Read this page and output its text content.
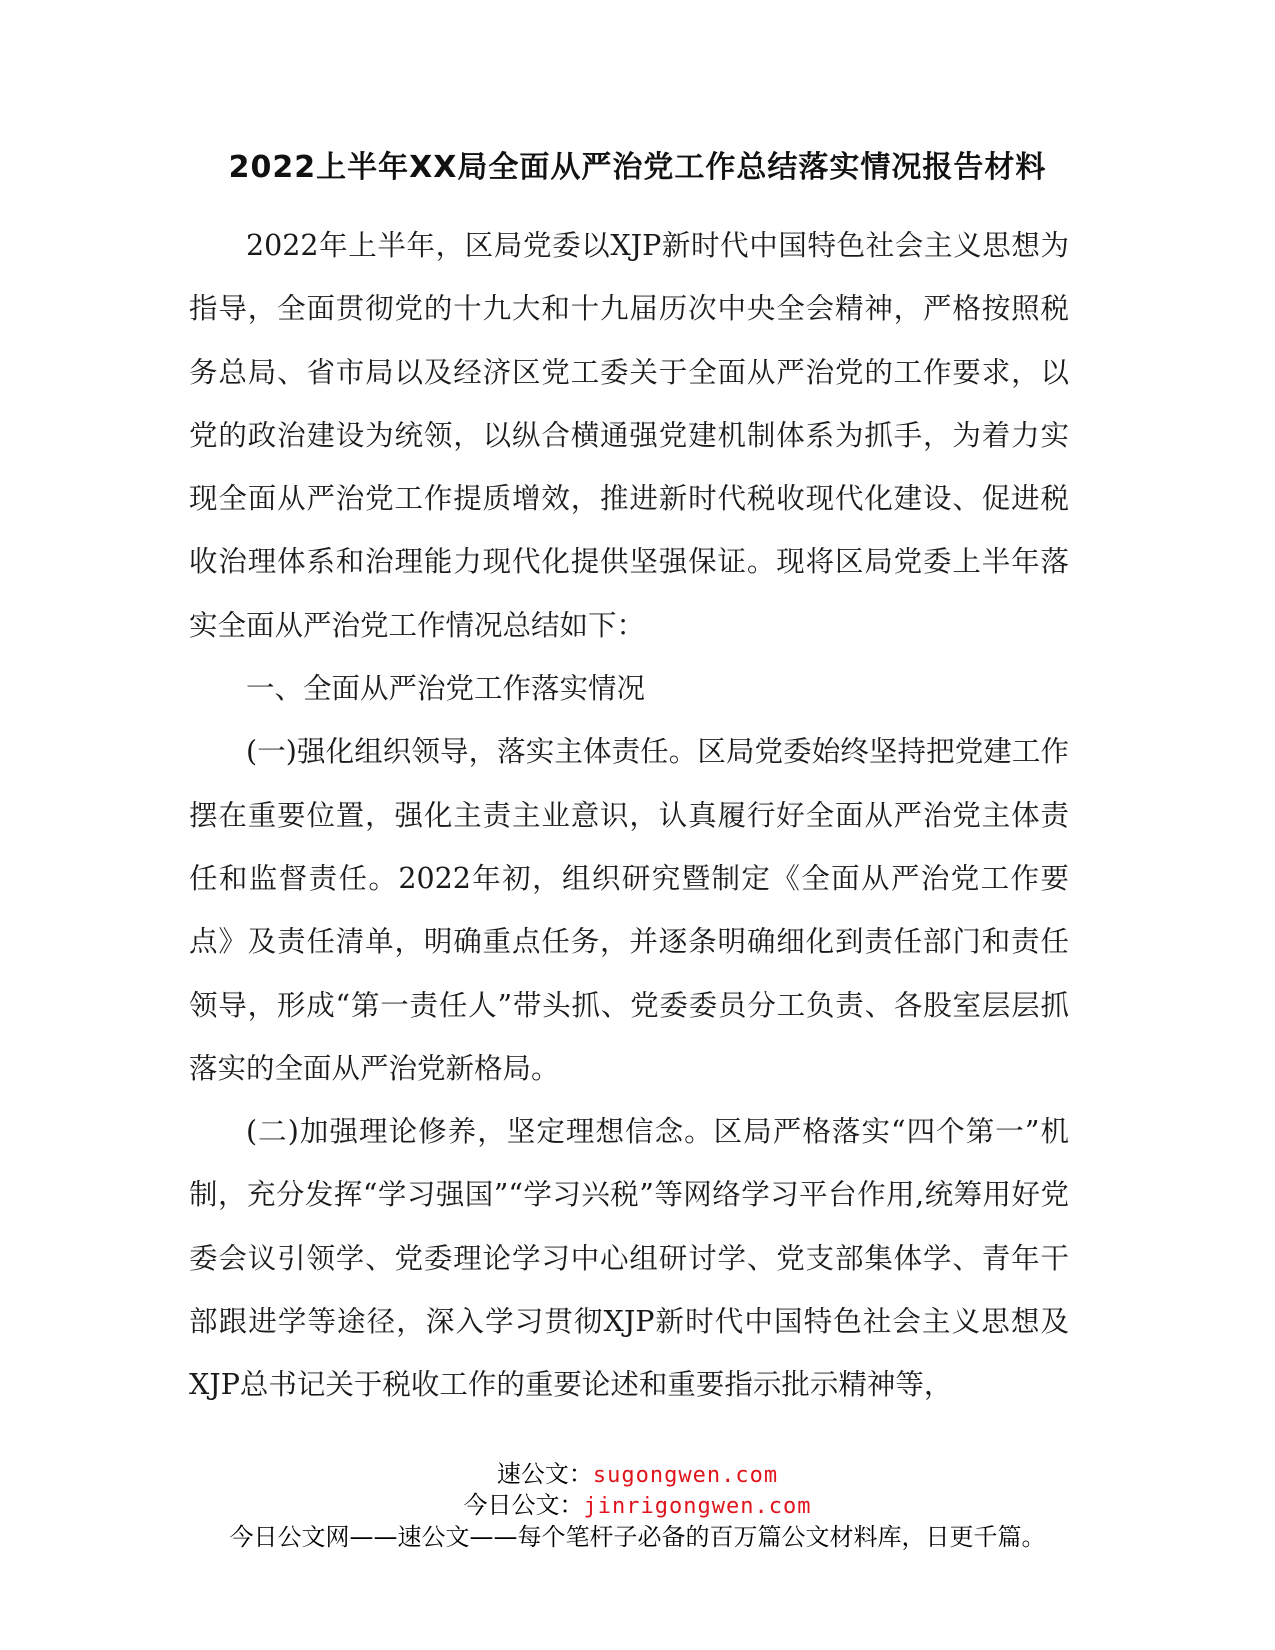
2022上半年XX局全面从严治党工作总结落实情况报告材料

2022年上半年，区局党委以XJP新时代中国特色社会主义思想为指导，全面贯彻党的十九大和十九届历次中央全会精神，严格按照税务总局、省市局以及经济区党工委关于全面从严治党的工作要求，以党的政治建设为统领，以纵合横通强党建机制体系为抓手，为着力实现全面从严治党工作提质增效，推进新时代税收现代化建设、促进税收治理体系和治理能力现代化提供坚强保证。现将区局党委上半年落实全面从严治党工作情况总结如下：

一、全面从严治党工作落实情况

(一)强化组织领导，落实主体责任。区局党委始终坚持把党建工作摆在重要位置，强化主责主业意识，认真履行好全面从严治党主体责任和监督责任。2022年初，组织研究暨制定《全面从严治党工作要点》及责任清单，明确重点任务，并逐条明确细化到责任部门和责任领导，形成“第一责任人”带头抓、党委委员分工负责、各股室层层抓落实的全面从严治党新格局。

(二)加强理论修养，坚定理想信念。区局严格落实“四个第一”机制，充分发挥“学习强国”“学习兴税”等网络学习平台作用,统筹用好党委会议引领学、党委理论学习中心组研讨学、党支部集体学、青年干部跟进学等途径，深入学习贯彻XJP新时代中国特色社会主义思想及XJP总书记关于税收工作的重要论述和重要指示批示精神等，

速公文：sugongwen.com
今日公文：jinrigongwen.com
今日公文网——速公文——每个笔杆子必备的百万篇公文材料库，日更千篇。
